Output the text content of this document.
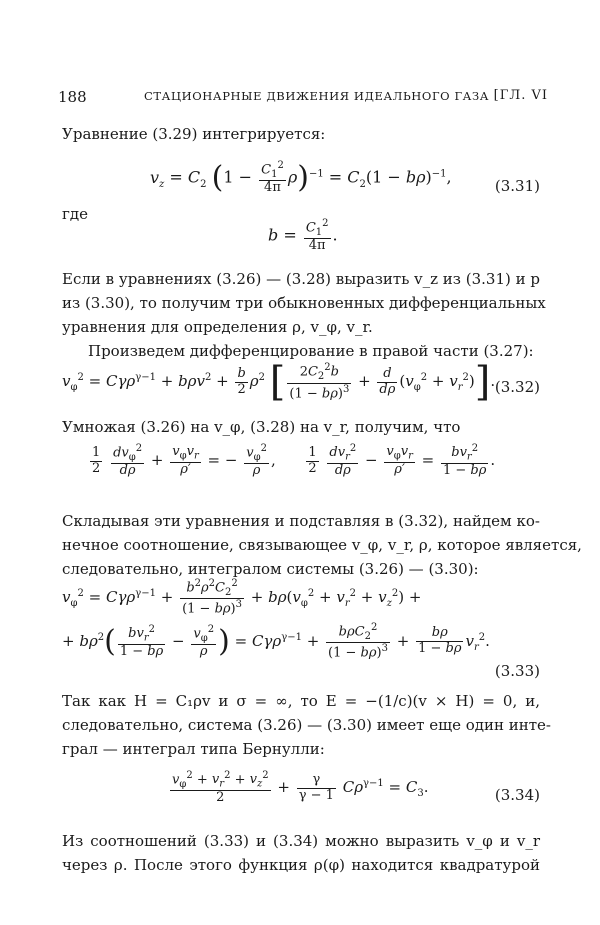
188	СТАЦИОНАРНЫЕ ДВИЖЕНИЯ ИДЕАЛЬНОГО ГАЗА [ГЛ. VI
Уравнение (3.29) интегрируется:
$v_z = C_2$ $(1 - \frac{C_1^2}{4\pi} \rho)^{-1} = C_2(1 - b\rho)^{-1}$,	(3.31)
где
$b = \frac{C_1^2}{4\pi}$ .
Если в уравнениях (3.26) — (3.28) выразить v_z из (3.31) и p
из (3.30), то получим три обыкновенных дифференциальных
уравнения для определения ρ, v_φ, v_r.
Произведем дифференцирование в правой части (3.27):
$v_\varphi^2 = C\gamma\rho^{\gamma-1} + b\rho v^2 + \frac{b}{2} \rho^2$ [ $\frac{2C_2^2b}{(1 - b\rho)^3} + \frac{d}{d\rho} (v_\varphi^2 + v_r^2)$]. (3.32)
Умножая (3.26) на v_φ, (3.28) на v_r, получим, что
$\frac{1}{2}$
$\frac{dv_\varphi^2}{d\rho} + \frac{v_\varphi v_r}{\rho'}$ = − $\frac{v_\varphi^2}{\rho}$ , $\frac{1}{2}$
$\frac{dv_r^2}{d\rho} - \frac{v_\varphi v_r}{\rho'} = \frac{bv_r^2}{1 - b\rho}$ .
Складывая эти уравнения и подставляя в (3.32), найдем ко-
нечное соотношение, связывающее v_φ, v_r, ρ, которое является,
следовательно, интегралом системы (3.26) — (3.30):
$v_\varphi^2 = C\gamma\rho^{\gamma-1} + \frac{b^2\rho^2C_2^2}{(1 - b\rho)^3} + b\rho(v_\varphi^2 + v_r^2 + v_z^2)$ +
+ $b\rho^2( \frac{bv_r^2}{1 - b\rho} - \frac{v_\varphi^2}{\rho}$ ) = $C\gamma\rho^{\gamma-1} + \frac{b\rho C_2^2}{(1 - b\rho)^3} + \frac{b\rho}{1 - b\rho} v_r^2$.
(3.33)
Так как H = C₁ρv и σ = ∞, то E = −(1/c)(v × H) = 0, и,
следовательно, система (3.26) — (3.30) имеет еще один инте-
грал — интеграл типа Бернулли:
$\frac{v_\varphi^2 + v_r^2 + v_z^2}{2} + \frac{\gamma}{\gamma - 1} C\rho^{\gamma-1} = C_3$.	(3.34)
Из соотношений (3.33) и (3.34) можно выразить v_φ и v_r
через ρ. После этого функция ρ(φ) находится квадратурой
